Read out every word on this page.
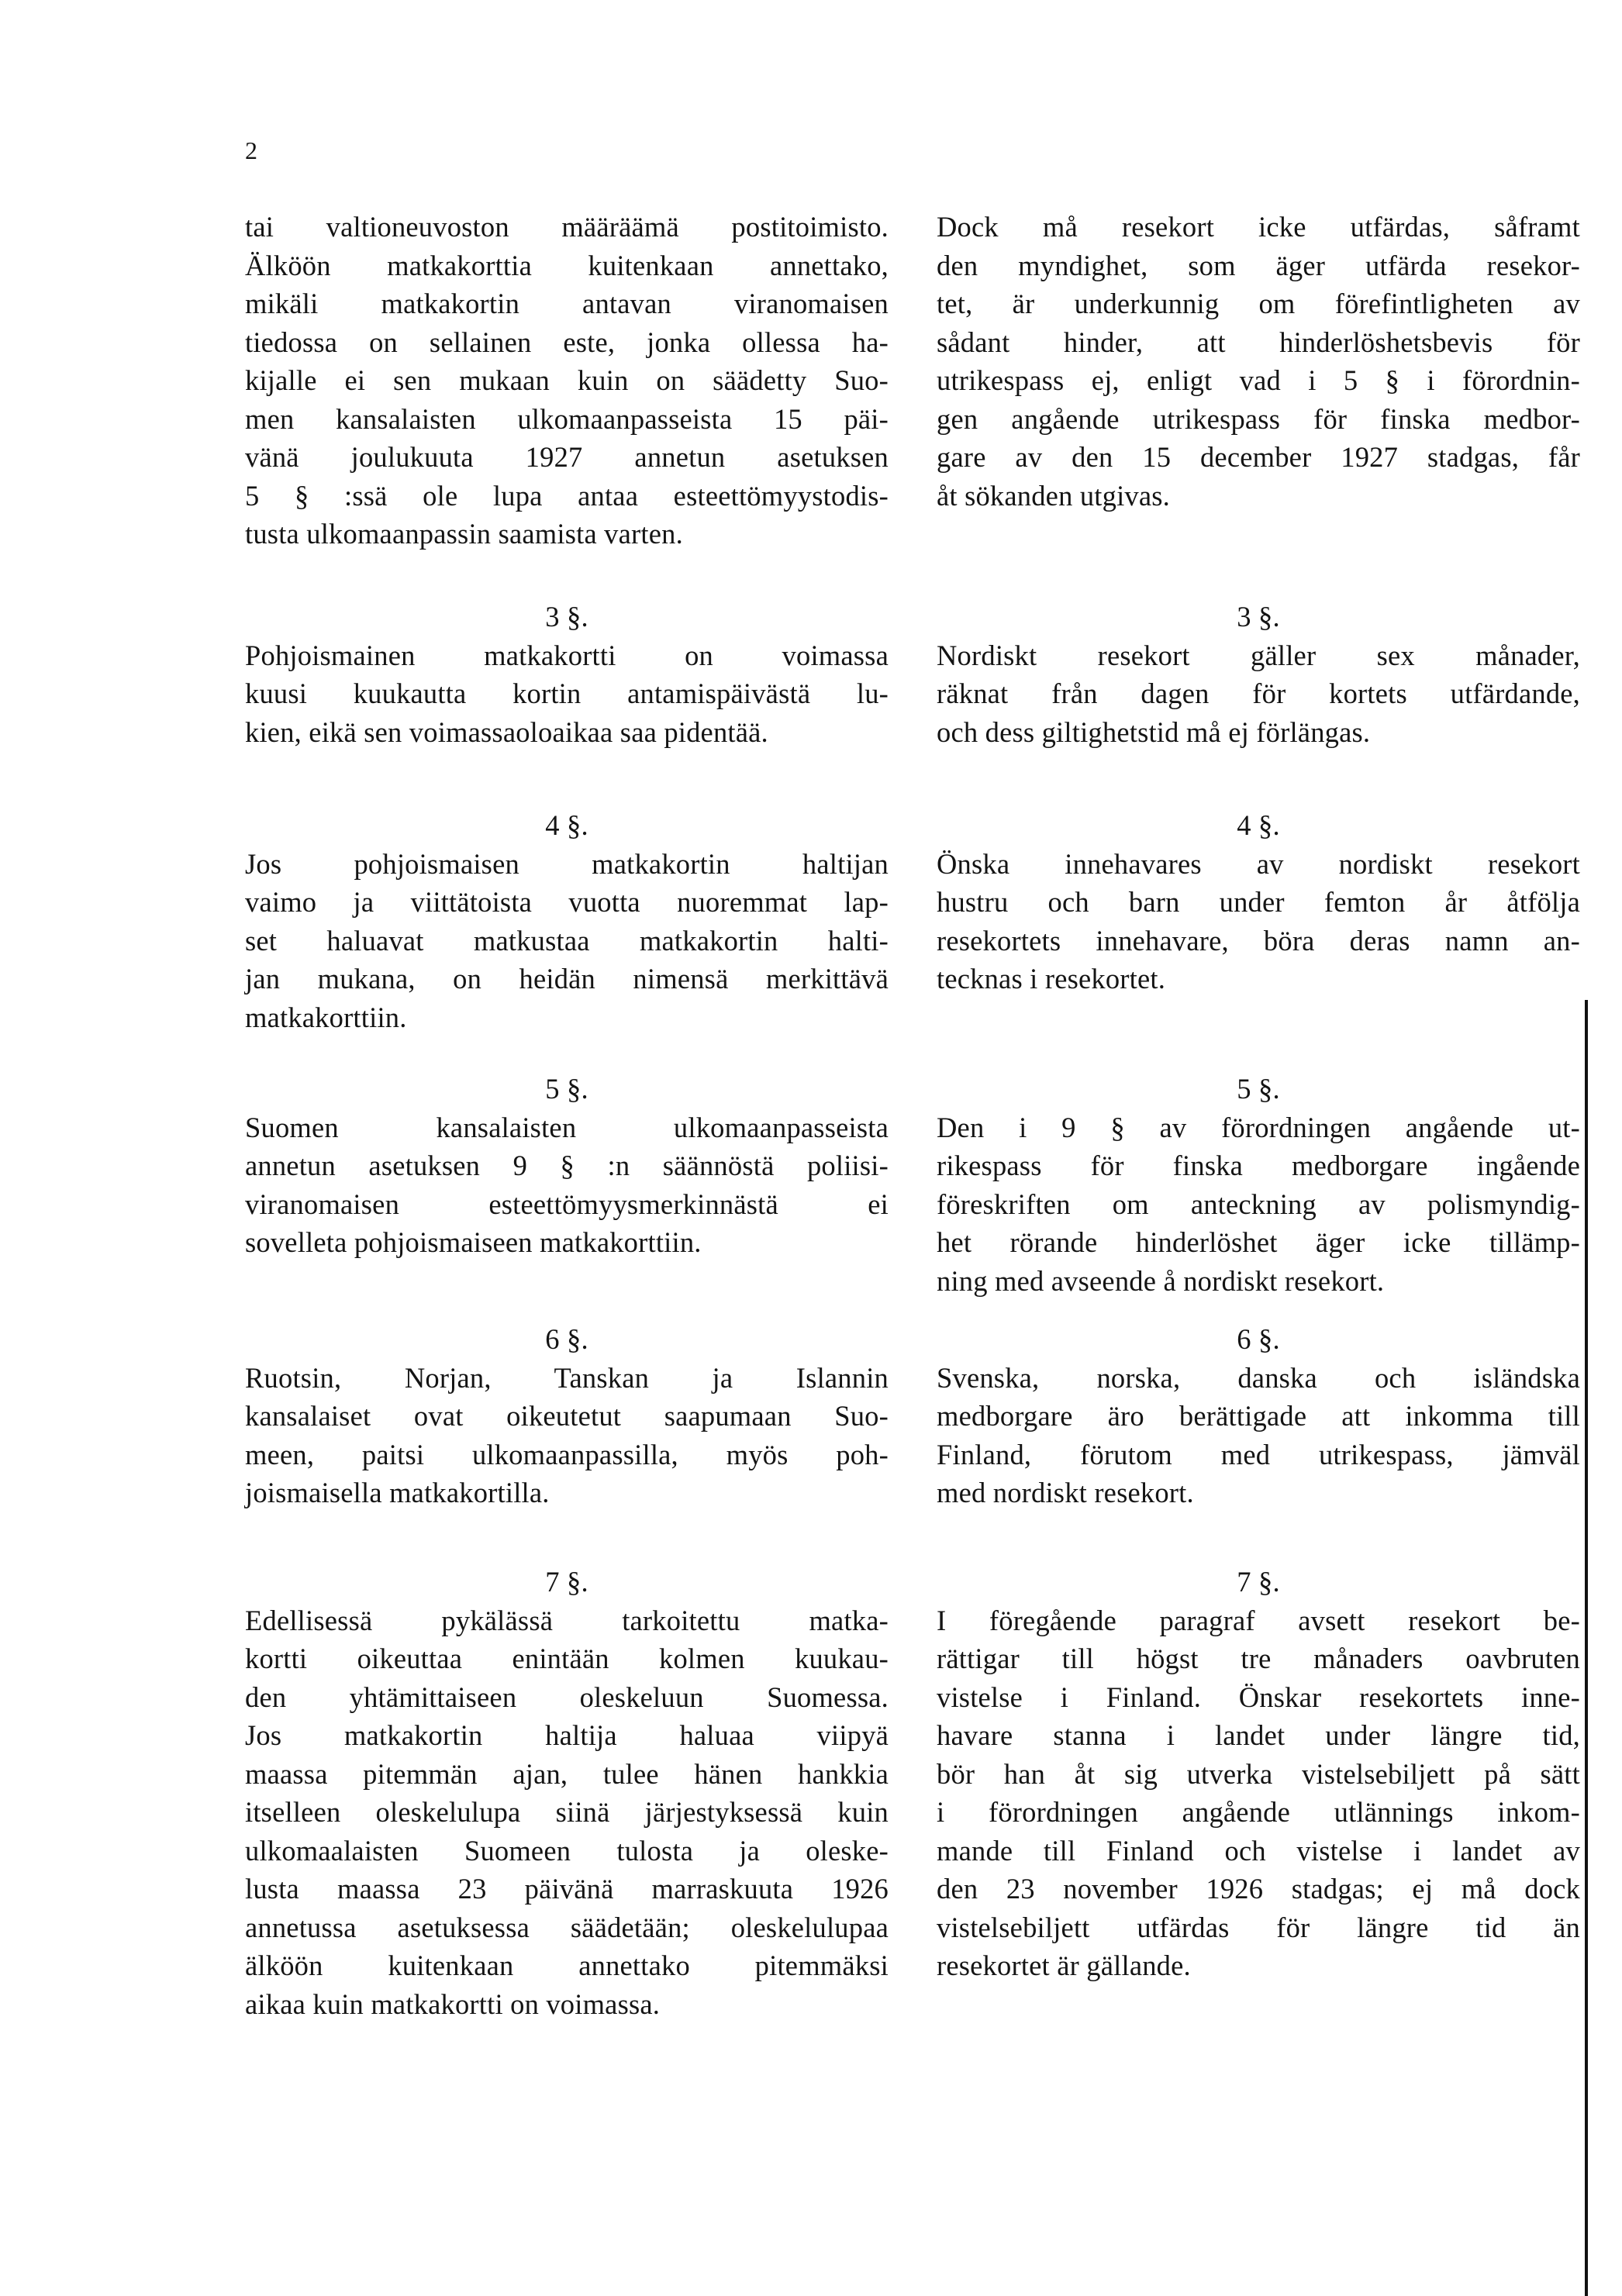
2
tai valtioneuvoston määräämä postitoimisto.
Älköön matkakorttia kuitenkaan annettako,
mikäli matkakortin antavan viranomaisen
tiedossa on sellainen este, jonka ollessa ha-
kijalle ei sen mukaan kuin on säädetty Suo-
men kansalaisten ulkomaanpasseista 15 päi-
vänä joulukuuta 1927 annetun asetuksen
5 § :ssä ole lupa antaa esteettömyystodis-
tusta ulkomaanpassin saamista varten.
3 §.
Pohjoismainen matkakortti on voimassa
kuusi kuukautta kortin antamispäivästä lu-
kien, eikä sen voimassaoloaikaa saa pidentää.
4 §.
Jos pohjoismaisen matkakortin haltijan
vaimo ja viittätoista vuotta nuoremmat lap-
set haluavat matkustaa matkakortin halti-
jan mukana, on heidän nimensä merkittävä
matkakorttiin.
5 §.
Suomen kansalaisten ulkomaanpasseista
annetun asetuksen 9 § :n säännöstä poliisi-
viranomaisen esteettömyysmerkinnästä ei
sovelleta pohjoismaiseen matkakorttiin.
6 §.
Ruotsin, Norjan, Tanskan ja Islannin
kansalaiset ovat oikeutetut saapumaan Suo-
meen, paitsi ulkomaanpassilla, myös poh-
joismaisella matkakortilla.
7 §.
Edellisessä pykälässä tarkoitettu matka-
kortti oikeuttaa enintään kolmen kuukau-
den yhtämittaiseen oleskeluun Suomessa.
Jos matkakortin haltija haluaa viipyä
maassa pitemmän ajan, tulee hänen hankkia
itselleen oleskelulupa siinä järjestyksessä kuin
ulkomaalaisten Suomeen tulosta ja oleske-
lusta maassa 23 päivänä marraskuuta 1926
annetussa asetuksessa säädetään; oleskelulupaa
älköön kuitenkaan annettako pitemmäksi
aikaa kuin matkakortti on voimassa.
Dock må resekort icke utfärdas, såframt
den myndighet, som äger utfärda resekor-
tet, är underkunnig om förefintligheten av
sådant hinder, att hinderlöshetsbevis för
utrikespass ej, enligt vad i 5 § i förordnin-
gen angående utrikespass för finska medbor-
gare av den 15 december 1927 stadgas, får
åt sökanden utgivas.
3 §.
Nordiskt resekort gäller sex månader,
räknat från dagen för kortets utfärdande,
och dess giltighetstid må ej förlängas.
4 §.
Önska innehavares av nordiskt resekort
hustru och barn under femton år åtfölja
resekortets innehavare, böra deras namn an-
tecknas i resekortet.
5 §.
Den i 9 § av förordningen angående ut-
rikespass för finska medborgare ingående
föreskriften om anteckning av polismyndig-
het rörande hinderlöshet äger icke tillämp-
ning med avseende å nordiskt resekort.
6 §.
Svenska, norska, danska och isländska
medborgare äro berättigade att inkomma till
Finland, förutom med utrikespass, jämväl
med nordiskt resekort.
7 §.
I föregående paragraf avsett resekort be-
rättigar till högst tre månaders oavbruten
vistelse i Finland. Önskar resekortets inne-
havare stanna i landet under längre tid,
bör han åt sig utverka vistelsebiljett på sätt
i förordningen angående utlännings inkom-
mande till Finland och vistelse i landet av
den 23 november 1926 stadgas; ej må dock
vistelsebiljett utfärdas för längre tid än
resekortet är gällande.
